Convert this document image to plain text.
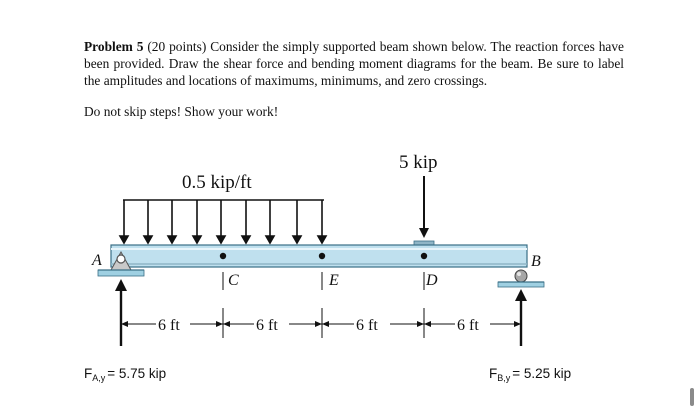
Problem 5 (20 points) Consider the simply supported beam shown below. The reaction forces have been provided. Draw the shear force and bending moment diagrams for the beam. Be sure to label the amplitudes and locations of maximums, minimums, and zero crossings.
Do not skip steps! Show your work!
0.5 kip/ft
5 kip
C	E	D
A	B
6 ft	6 ft	6 ft	6 ft
$F_{A,y} = 5.75$ kip	$F_{B,y} = 5.25$ kip
